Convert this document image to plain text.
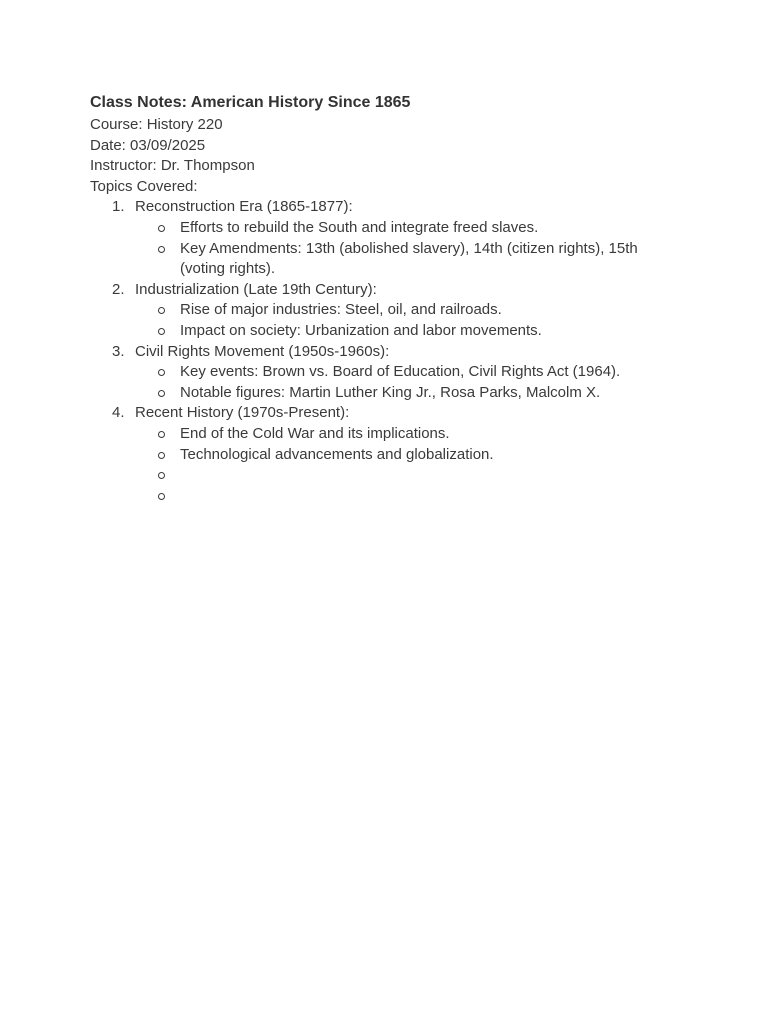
Class Notes: American History Since 1865
Course: History 220
Date: 03/09/2025
Instructor: Dr. Thompson
Topics Covered:
1. Reconstruction Era (1865-1877):
Efforts to rebuild the South and integrate freed slaves.
Key Amendments: 13th (abolished slavery), 14th (citizen rights), 15th (voting rights).
2. Industrialization (Late 19th Century):
Rise of major industries: Steel, oil, and railroads.
Impact on society: Urbanization and labor movements.
3. Civil Rights Movement (1950s-1960s):
Key events: Brown vs. Board of Education, Civil Rights Act (1964).
Notable figures: Martin Luther King Jr., Rosa Parks, Malcolm X.
4. Recent History (1970s-Present):
End of the Cold War and its implications.
Technological advancements and globalization.
